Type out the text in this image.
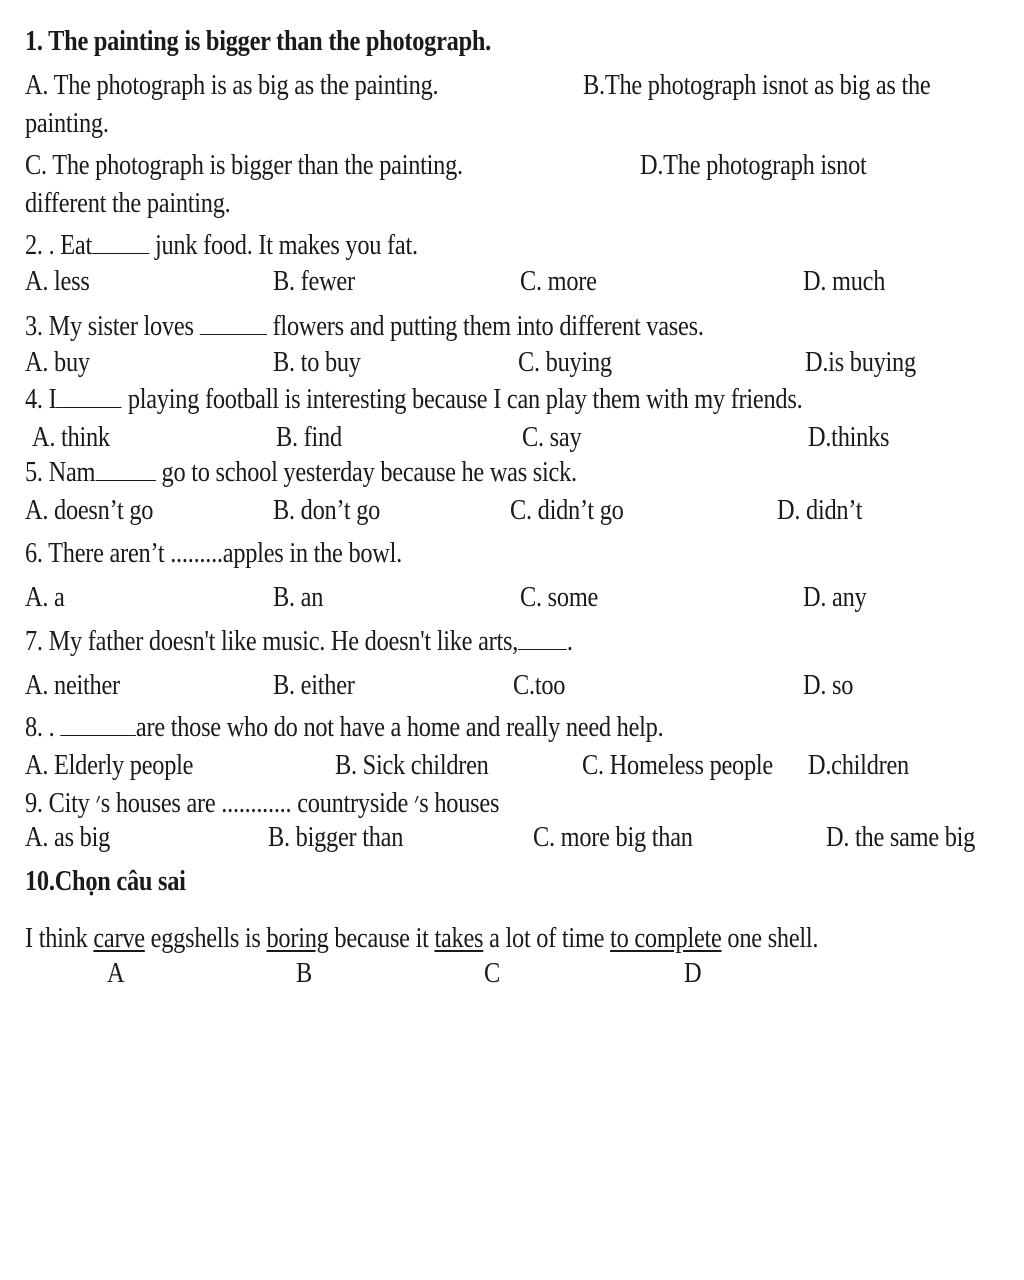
1. The painting is bigger than the photograph.
A. The photograph is as big as the painting.	B.The photograph isnot as big as the
painting.
C. The photograph is bigger than the painting.	D.The photograph isnot
different the painting.
2. . Eat junk food. It makes you fat.
A. less	B. fewer	C. more	D. much
3. My sister loves	flowers and putting them into different vases.
A. buy	B. to buy	C. buying	D.is buying
4. I playing football is interesting because I can play them with my friends.
A. think	B. find	C. say	D.thinks
5. Nam go to school yesterday because he was sick.
A. doesn’t go	B. don’t go	C. didn’t go	D. didn’t
6. There aren’t .........apples in the bowl.
A. a	B. an	C. some	D. any
7. My father doesn't like music. He doesn't like arts, .
A. neither	B. either	C.too	D. so
8. .	are those who do not have a home and really need help.
A. Elderly people	B. Sick children	C. Homeless people D.children
9. City ׳s houses are ............ countryside ׳s houses
A. as big	B. bigger than	C. more big than	D. the same big
10.Chọn câu sai
I think carve eggshells is boring because it takes a lot of time to complete one shell.
A	B	C	D
